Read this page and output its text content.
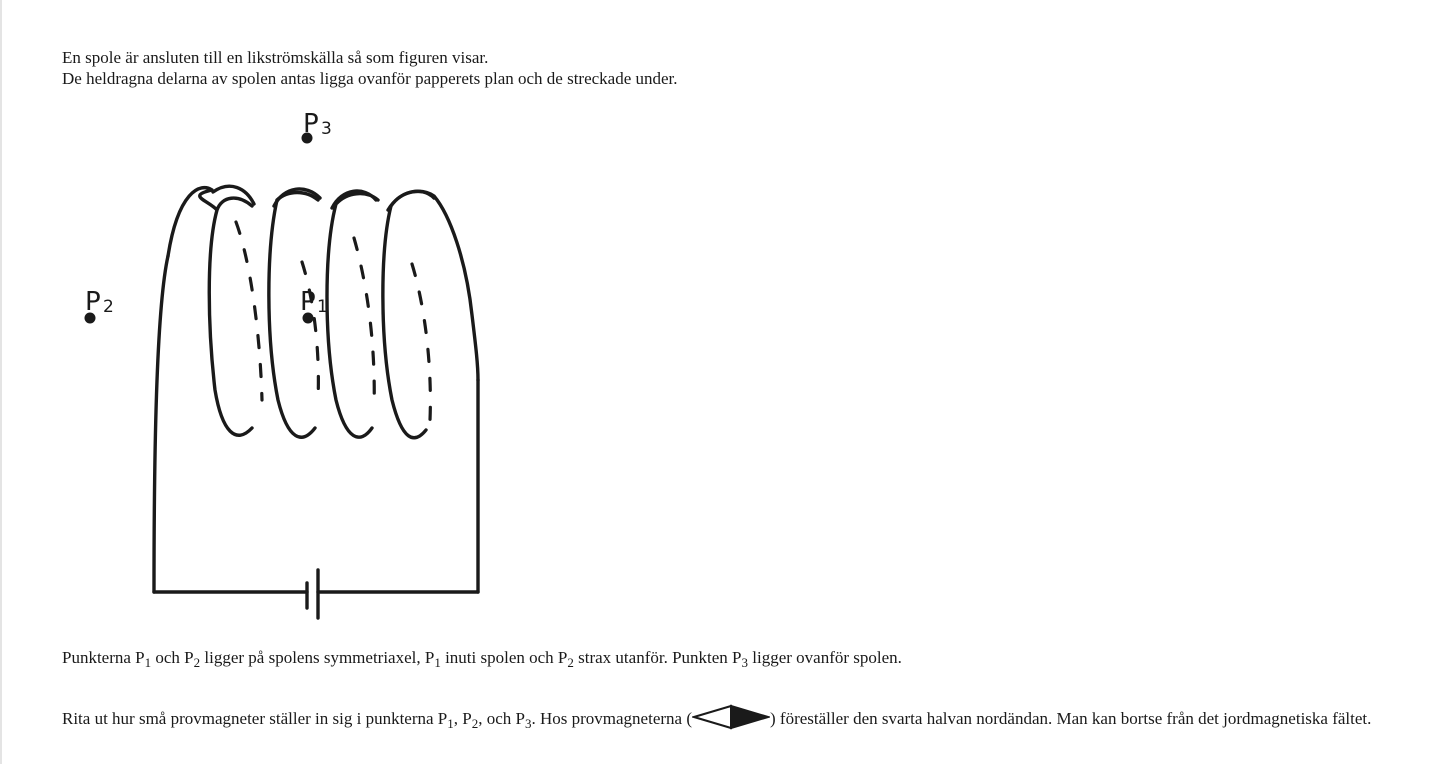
En spole är ansluten till en likströmskälla så som figuren visar.

De heldragna delarna av spolen antas ligga ovanför papperets plan och de streckade under.

P 3
P 2	P 1

Punkterna $P_1$ och $P_2$ ligger på spolens symmetriaxel, $P_1$ inuti spolen och $P_2$ strax utanför. Punkten $P_3$ ligger ovanför spolen.

Rita ut hur små provmagneter ställer in sig i punkterna $P_1$, $P_2$, och $P_3$. Hos provmagneterna (	) föreställer den svarta halvan nordändan. Man kan bortse från det jordmagnetiska fältet.
